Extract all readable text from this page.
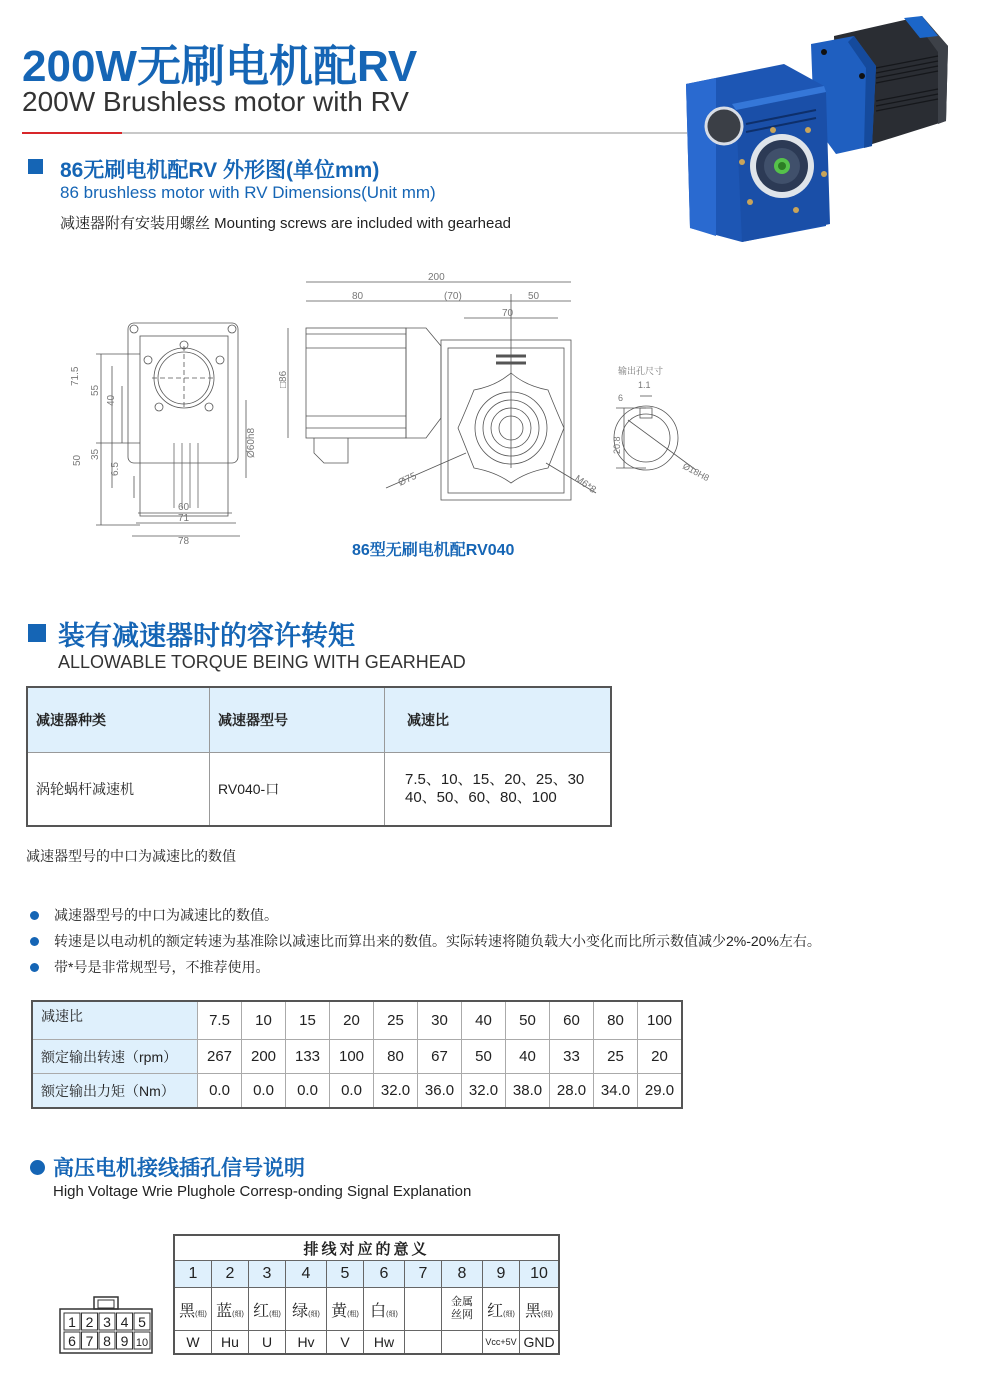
200W无刷电机配RV
200W Brushless motor with RV
86无刷电机配RV 外形图(单位mm)
86 brushless motor with RV Dimensions(Unit mm)
减速器附有安装用螺丝 Mounting screws are included with gearhead
71.5
55
40
50
35
6.5
Ø60h8
60
71
78
200
80	(70)	50
70
□86
Ø75	M6*8
输出孔尺寸
6
1.1
20.8
Ø18H8
86型无刷电机配RV040
装有减速器时的容许转矩
ALLOWABLE TORQUE BEING WITH GEARHEAD
减速器种类	减速器型号	减速比
涡轮蜗杆减速机	RV040-口	7.5、10、15、20、25、30
40、50、60、80、100
减速器型号的中口为减速比的数值
减速器型号的中口为减速比的数值。
转速是以电动机的额定转速为基准除以减速比而算出来的数值。实际转速将随负载大小变化而比所示数值减少2%-20%左右。
带*号是非常规型号，不推荐使用。
减速比	7.5	10	15	20	25	30	40	50	60	80	100
额定输出转速（rpm）	267	200	133	100	80	67	50	40	33	25	20
额定输出力矩（Nm）	0.0	0.0	0.0	0.0	32.0	36.0	32.0	38.0	28.0	34.0	29.0
高压电机接线插孔信号说明
High Voltage Wrie Plughole Corresp-onding Signal Explanation
1 2 3 4 5
6 7 8 9 10
排线对应的意义									
1	2	3	4	5	6	7	8	9	10
黑(粗)	蓝(细)	红(粗)	绿(细)	黄(粗)	白(细)		金属丝网	红(细)	黑(细)
W	Hu	U	Hv	V	Hw			Vcc+5V	GND
